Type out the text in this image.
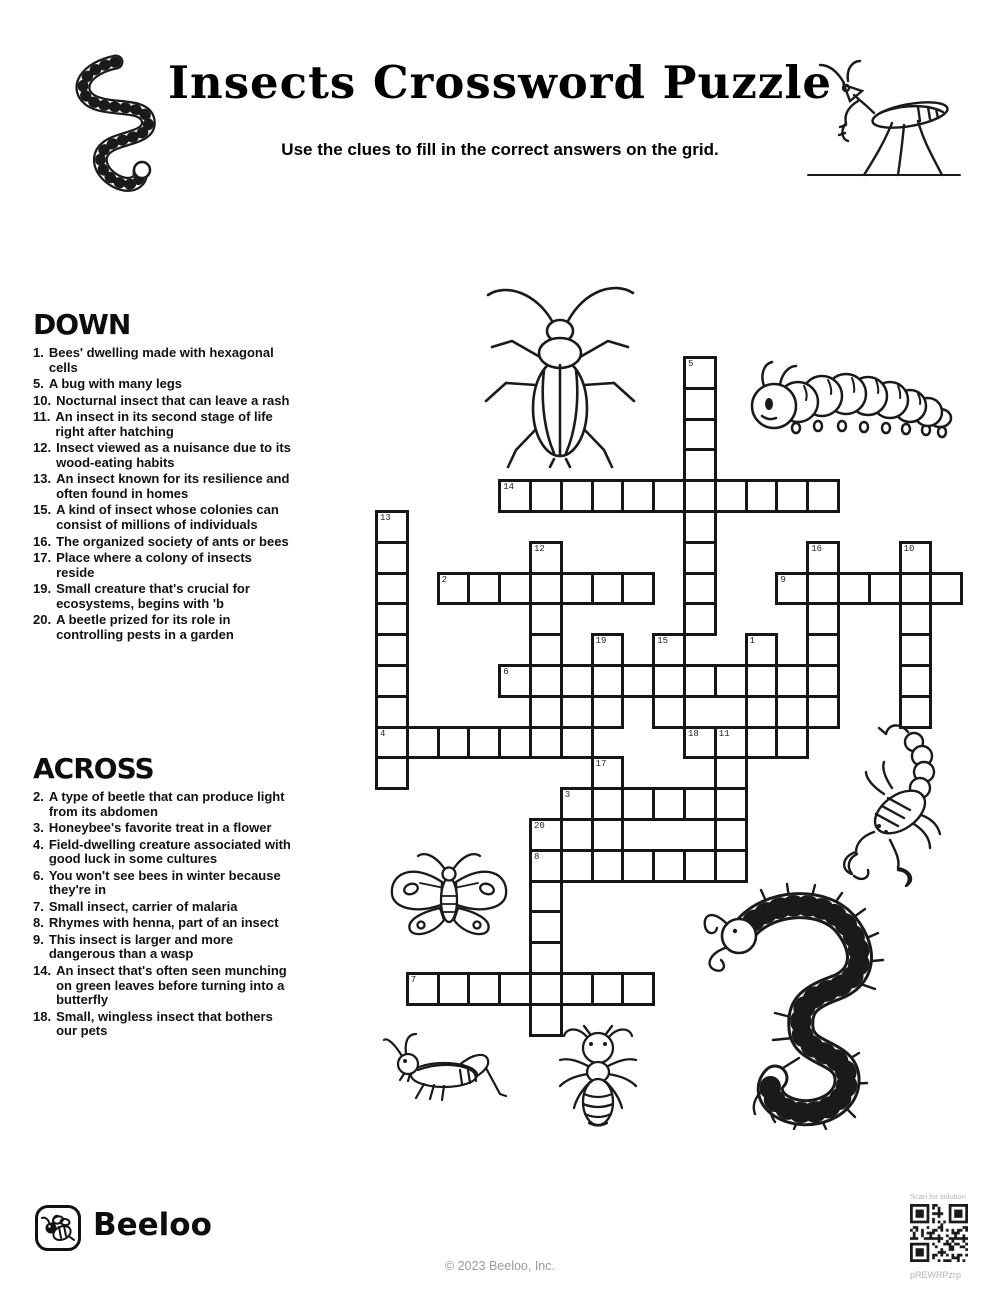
Insects Crossword Puzzle
Use the clues to fill in the correct answers on the grid.
DOWN
1. Bees' dwelling made with hexagonal cells
5. A bug with many legs
10. Nocturnal insect that can leave a rash
11. An insect in its second stage of life right after hatching
12. Insect viewed as a nuisance due to its wood-eating habits
13. An insect known for its resilience and often found in homes
15. A kind of insect whose colonies can consist of millions of individuals
16. The organized society of ants or bees
17. Place where a colony of insects reside
19. Small creature that's crucial for ecosystems, begins with 'b
20. A beetle prized for its role in controlling pests in a garden
ACROSS
2. A type of beetle that can produce light from its abdomen
3. Honeybee's favorite treat in a flower
4. Field-dwelling creature associated with good luck in some cultures
6. You won't see bees in winter because they're in
7. Small insect, carrier of malaria
8. Rhymes with henna, part of an insect
9. This insect is larger and more dangerous than a wasp
14. An insect that's often seen munching on green leaves before turning into a butterfly
18. Small, wingless insect that bothers our pets
5
14
13
12	16	10
2	9
19	15	1
6
4	18 11
17
3
20
8
7
Beeloo
© 2023 Beeloo, Inc.
Scan for solution
pREWRPzrp
